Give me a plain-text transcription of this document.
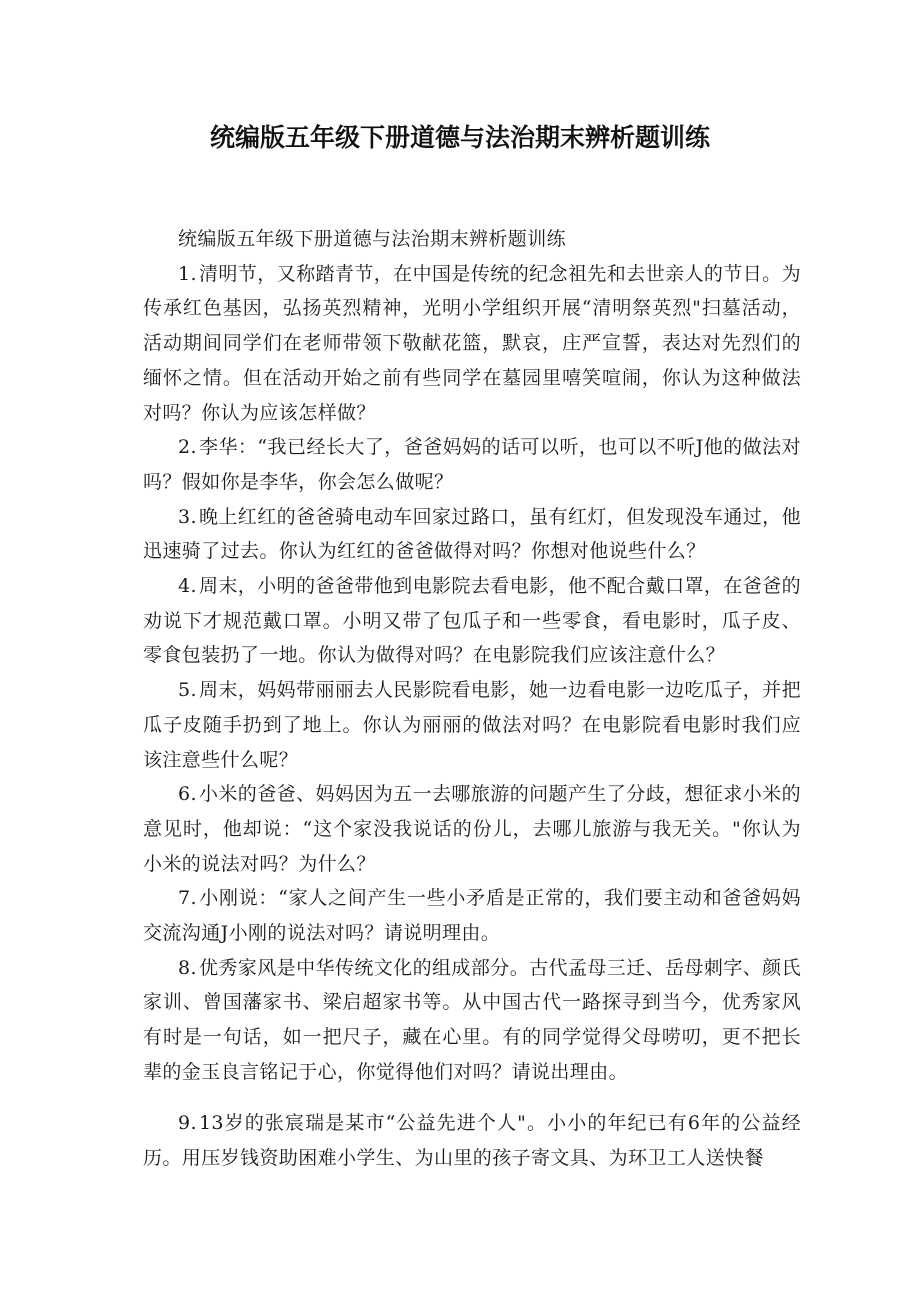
统编版五年级下册道德与法治期末辨析题训练

统编版五年级下册道德与法治期末辨析题训练

1. 清明节，又称踏青节，在中国是传统的纪念祖先和去世亲人的节日。为传承红色基因，弘扬英烈精神，光明小学组织开展“清明祭英烈"扫墓活动，活动期间同学们在老师带领下敬献花篮，默哀，庄严宣誓，表达对先烈们的缅怀之情。但在活动开始之前有些同学在墓园里嘻笑喧闹，你认为这种做法对吗？你认为应该怎样做？

2. 李华：“我已经长大了，爸爸妈妈的话可以听，也可以不听J他的做法对吗？假如你是李华，你会怎么做呢？

3. 晚上红红的爸爸骑电动车回家过路口，虽有红灯，但发现没车通过，他迅速骑了过去。你认为红红的爸爸做得对吗？你想对他说些什么？

4. 周末，小明的爸爸带他到电影院去看电影，他不配合戴口罩，在爸爸的劝说下才规范戴口罩。小明又带了包瓜子和一些零食，看电影时，瓜子皮、零食包装扔了一地。你认为做得对吗？在电影院我们应该注意什么？

5. 周末，妈妈带丽丽去人民影院看电影，她一边看电影一边吃瓜子，并把瓜子皮随手扔到了地上。你认为丽丽的做法对吗？在电影院看电影时我们应该注意些什么呢？

6. 小米的爸爸、妈妈因为五一去哪旅游的问题产生了分歧，想征求小米的意见时，他却说：“这个家没我说话的份儿，去哪儿旅游与我无关。"你认为小米的说法对吗？为什么？

7. 小刚说：“家人之间产生一些小矛盾是正常的，我们要主动和爸爸妈妈交流沟通J小刚的说法对吗？请说明理由。

8. 优秀家风是中华传统文化的组成部分。古代孟母三迁、岳母刺字、颜氏家训、曾国藩家书、梁启超家书等。从中国古代一路探寻到当今，优秀家风有时是一句话，如一把尺子，藏在心里。有的同学觉得父母唠叨，更不把长辈的金玉良言铭记于心，你觉得他们对吗？请说出理由。

9. 13岁的张宸瑞是某市“公益先进个人"。小小的年纪已有6年的公益经历。用压岁钱资助困难小学生、为山里的孩子寄文具、为环卫工人送快餐
